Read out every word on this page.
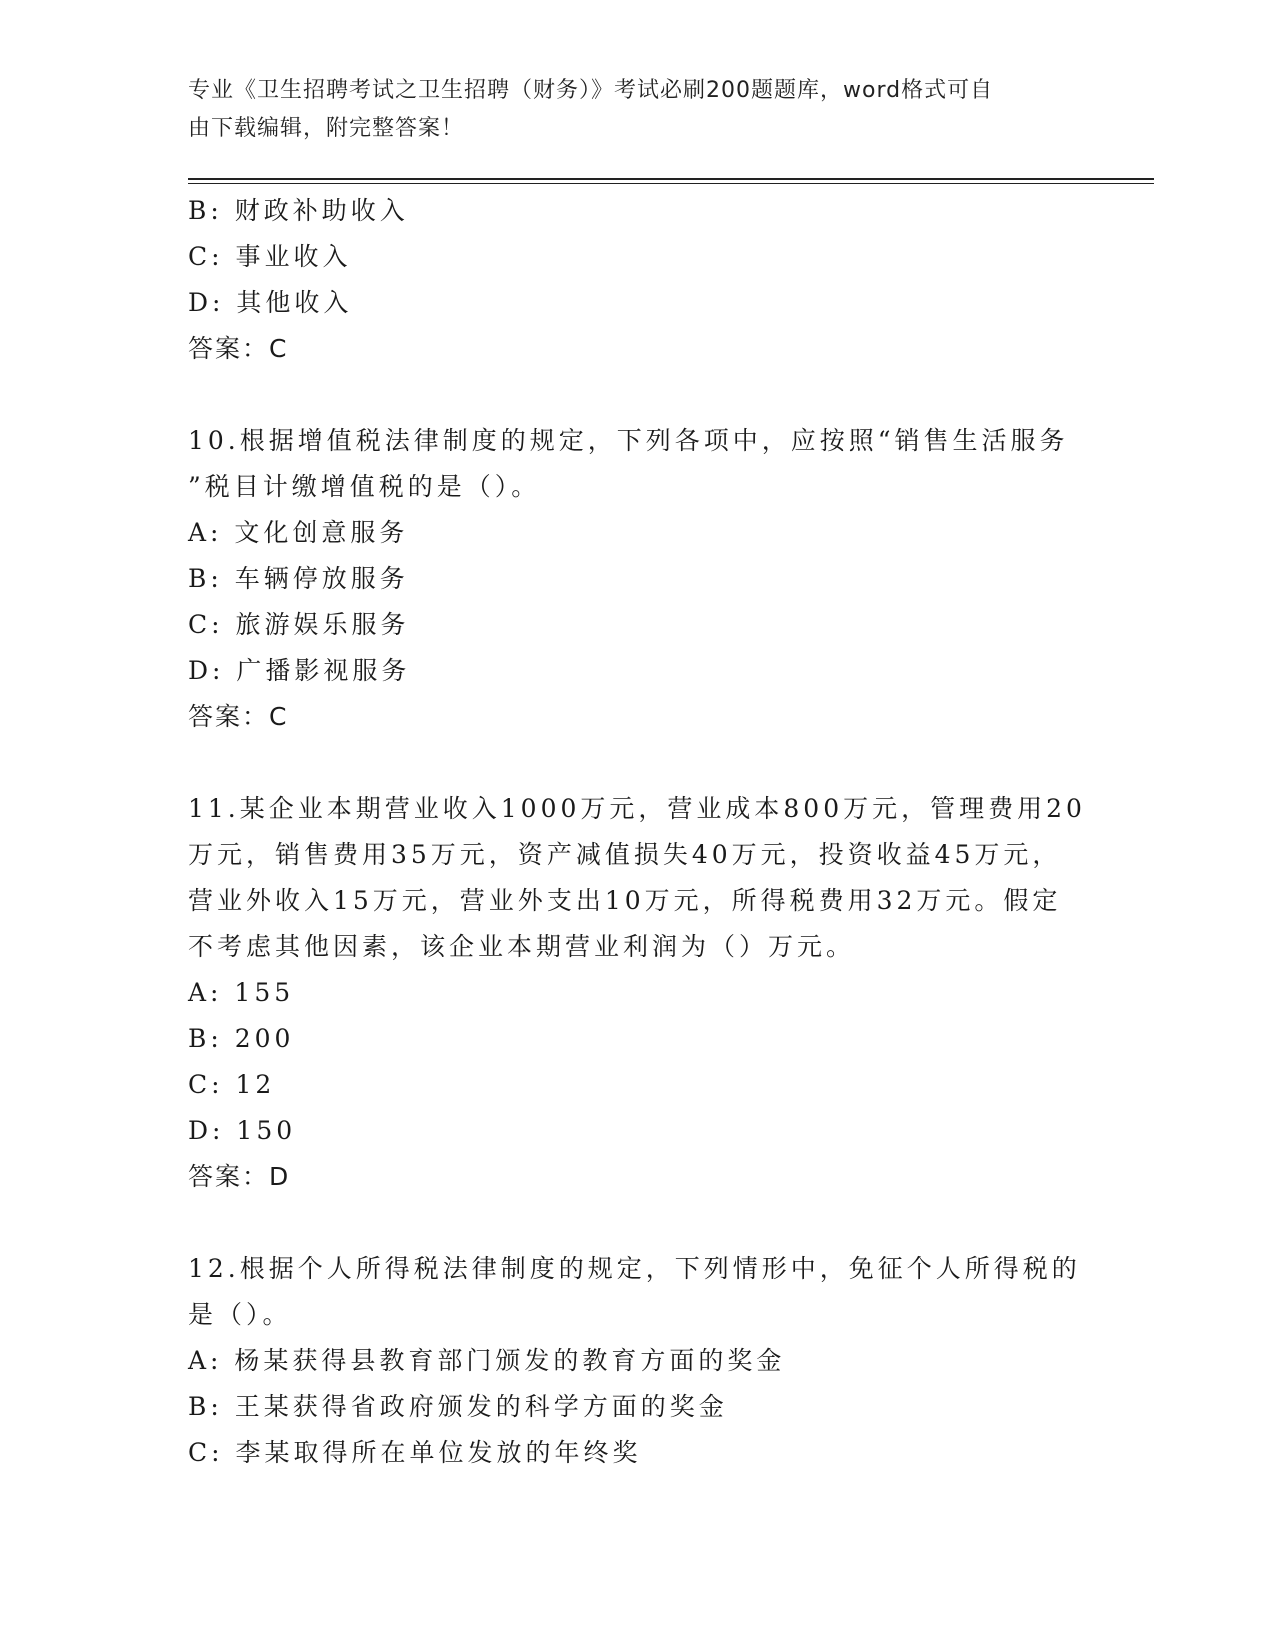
专业《卫生招聘考试之卫生招聘（财务）》考试必刷200题题库，word格式可自
由下载编辑，附完整答案！
B: 财政补助收入
C: 事业收入
D: 其他收入
答案：C
10.根据增值税法律制度的规定，下列各项中，应按照“销售生活服务
”税目计缴增值税的是（）。
A: 文化创意服务
B: 车辆停放服务
C: 旅游娱乐服务
D: 广播影视服务
答案：C
11.某企业本期营业收入1000万元，营业成本800万元，管理费用20
万元，销售费用35万元，资产减值损失40万元，投资收益45万元，
营业外收入15万元，营业外支出10万元，所得税费用32万元。假定
不考虑其他因素，该企业本期营业利润为（）万元。
A: 155
B: 200
C: 12
D: 150
答案：D
12.根据个人所得税法律制度的规定，下列情形中，免征个人所得税的
是（）。
A: 杨某获得县教育部门颁发的教育方面的奖金
B: 王某获得省政府颁发的科学方面的奖金
C: 李某取得所在单位发放的年终奖
